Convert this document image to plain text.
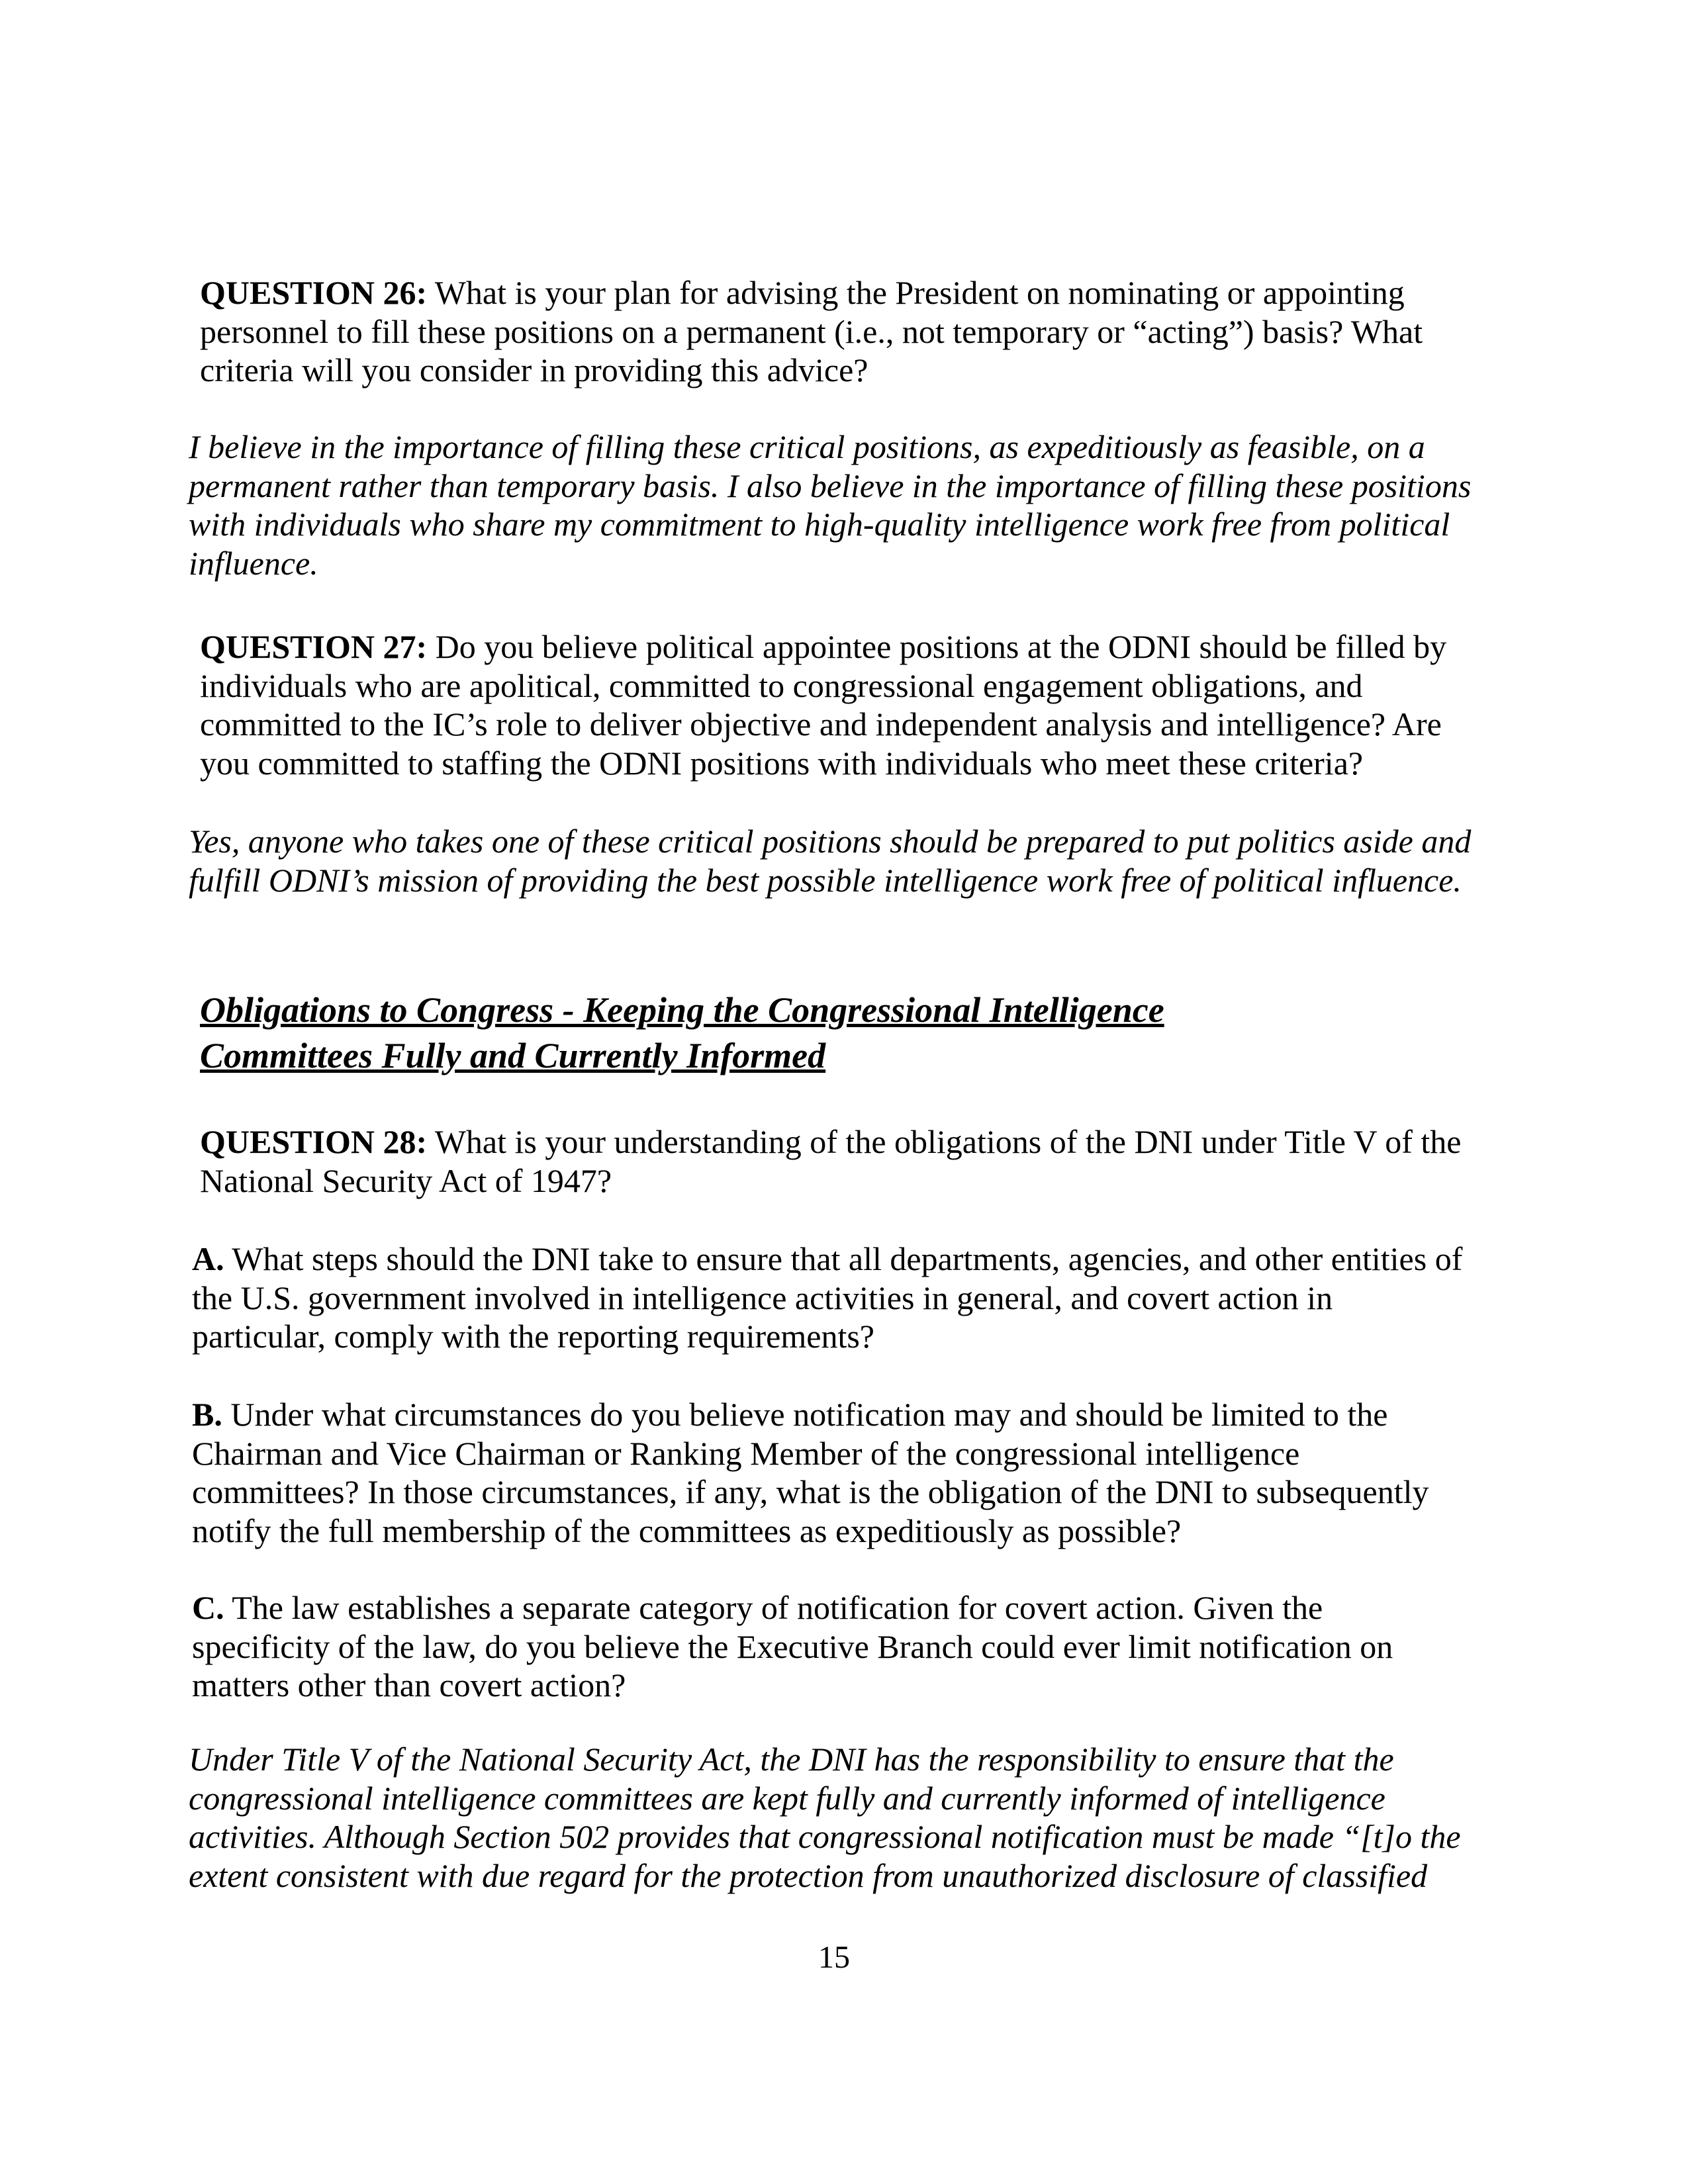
QUESTION 26: What is your plan for advising the President on nominating or appointing
personnel to fill these positions on a permanent (i.e., not temporary or “acting”) basis? What
criteria will you consider in providing this advice?
I believe in the importance of filling these critical positions, as expeditiously as feasible, on a
permanent rather than temporary basis. I also believe in the importance of filling these positions
with individuals who share my commitment to high-quality intelligence work free from political
influence.
QUESTION 27: Do you believe political appointee positions at the ODNI should be filled by
individuals who are apolitical, committed to congressional engagement obligations, and
committed to the IC’s role to deliver objective and independent analysis and intelligence? Are
you committed to staffing the ODNI positions with individuals who meet these criteria?
Yes, anyone who takes one of these critical positions should be prepared to put politics aside and
fulfill ODNI’s mission of providing the best possible intelligence work free of political influence.
Obligations to Congress - Keeping the Congressional Intelligence
Committees Fully and Currently Informed
QUESTION 28: What is your understanding of the obligations of the DNI under Title V of the
National Security Act of 1947?
A. What steps should the DNI take to ensure that all departments, agencies, and other entities of
the U.S. government involved in intelligence activities in general, and covert action in
particular, comply with the reporting requirements?
B. Under what circumstances do you believe notification may and should be limited to the
Chairman and Vice Chairman or Ranking Member of the congressional intelligence
committees? In those circumstances, if any, what is the obligation of the DNI to subsequently
notify the full membership of the committees as expeditiously as possible?
C. The law establishes a separate category of notification for covert action. Given the
specificity of the law, do you believe the Executive Branch could ever limit notification on
matters other than covert action?
Under Title V of the National Security Act, the DNI has the responsibility to ensure that the
congressional intelligence committees are kept fully and currently informed of intelligence
activities. Although Section 502 provides that congressional notification must be made “[t]o the
extent consistent with due regard for the protection from unauthorized disclosure of classified
15
